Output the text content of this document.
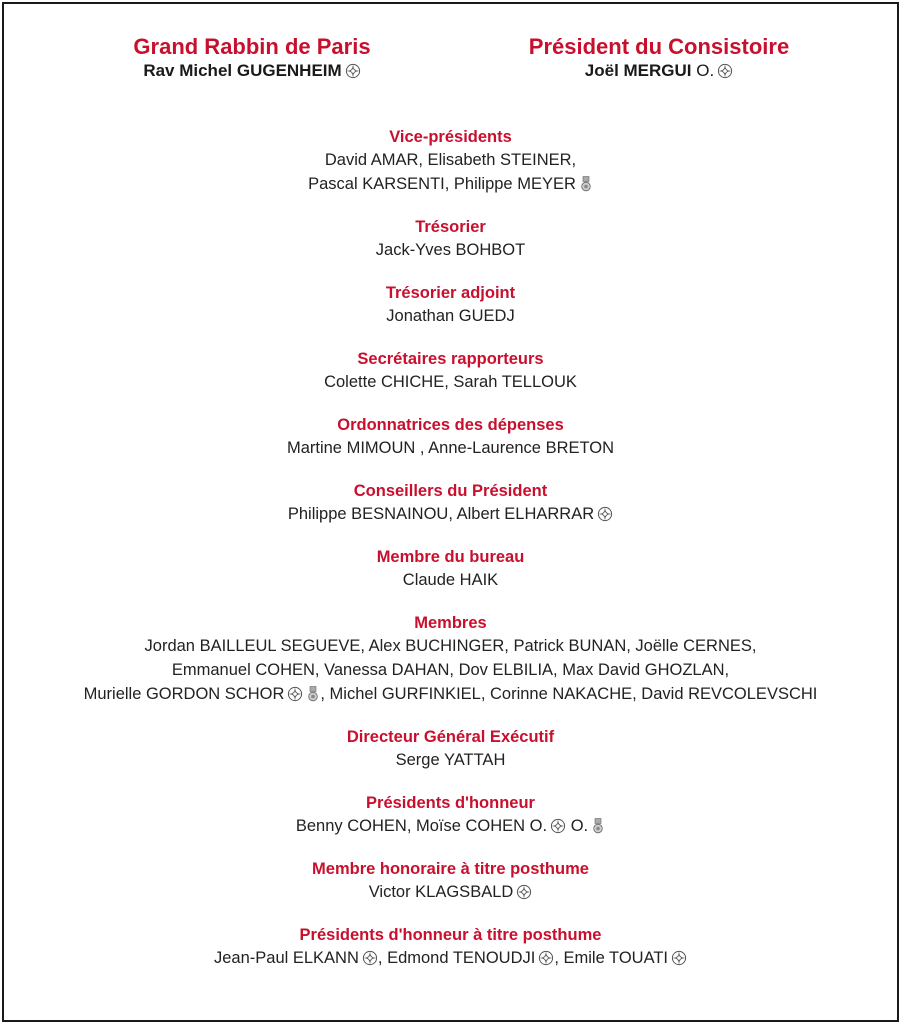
Grand Rabbin de Paris
Rav Michel GUGENHEIM
Président du Consistoire
Joël MERGUI O.
Vice-présidents
David AMAR, Elisabeth STEINER,
Pascal KARSENTI, Philippe MEYER
Trésorier
Jack-Yves BOHBOT
Trésorier adjoint
Jonathan GUEDJ
Secrétaires rapporteurs
Colette CHICHE, Sarah TELLOUK
Ordonnatrices des dépenses
Martine MIMOUN , Anne-Laurence BRETON
Conseillers du Président
Philippe BESNAINOU, Albert ELHARRAR
Membre du bureau
Claude HAIK
Membres
Jordan BAILLEUL SEGUEVE, Alex BUCHINGER, Patrick BUNAN, Joëlle CERNES,
Emmanuel COHEN, Vanessa DAHAN, Dov ELBILIA, Max David GHOZLAN,
Murielle GORDON SCHOR , Michel GURFINKIEL, Corinne NAKACHE, David REVCOLEVSCHI
Directeur Général Exécutif
Serge YATTAH
Présidents d'honneur
Benny COHEN, Moïse COHEN O. O.
Membre honoraire à titre posthume
Victor KLAGSBALD
Présidents d'honneur à titre posthume
Jean-Paul ELKANN , Edmond TENOUDJI , Emile TOUATI
